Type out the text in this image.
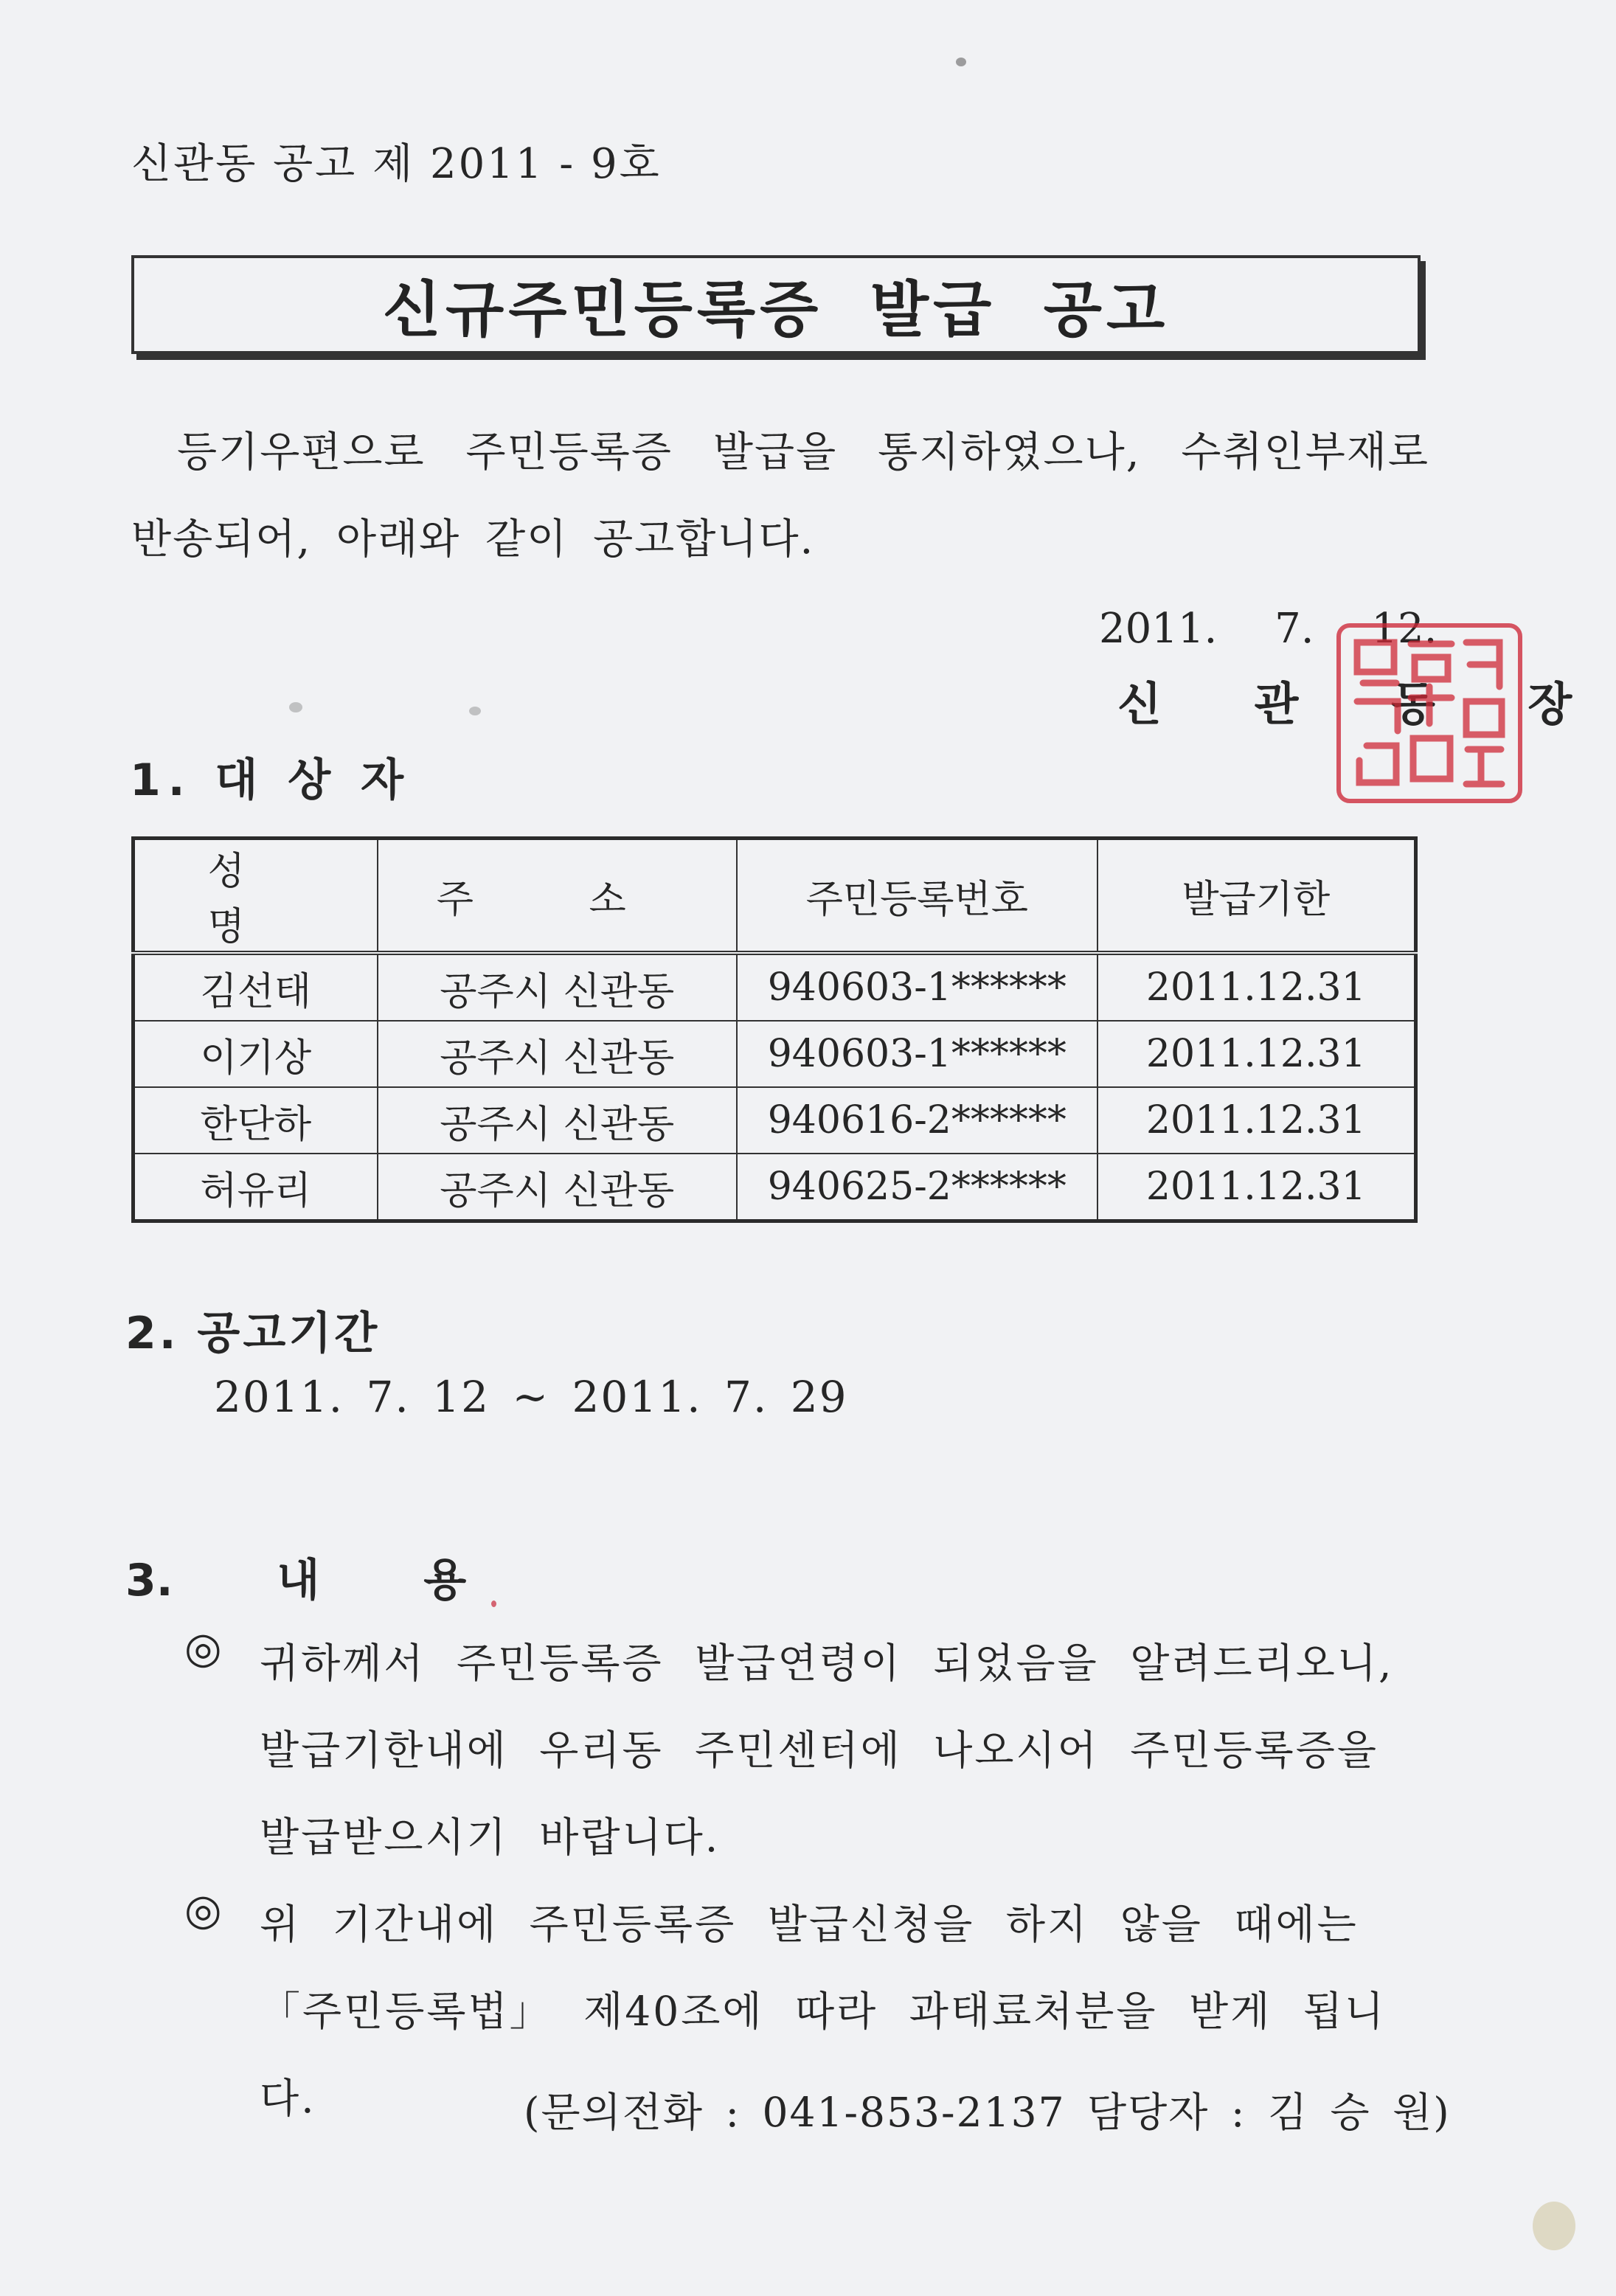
신관동 공고 제 2011 - 9호
신규주민등록증 발급 공고
등기우편으로 주민등록증 발급을 통지하였으나, 수취인부재로 반송되어, 아래와 같이 공고합니다.
2011. 7. 12.
신 관 동 장
1. 대 상 자
성 명	주 소	주민등록번호	발급기한
김선태	공주시 신관동	940603-1******	2011.12.31
이기상	공주시 신관동	940603-1******	2011.12.31
한단하	공주시 신관동	940616-2******	2011.12.31
허유리	공주시 신관동	940625-2******	2011.12.31
2. 공고기간
2011. 7. 12 ~ 2011. 7. 29
3. 내 용
◎ 귀하께서 주민등록증 발급연령이 되었음을 알려드리오니, 발급기한내에 우리동 주민센터에 나오시어 주민등록증을 발급받으시기 바랍니다.
◎ 위 기간내에 주민등록증 발급신청을 하지 않을 때에는 「주민등록법」 제40조에 따라 과태료처분을 받게 됩니다.	(문의전화 : 041-853-2137 담당자 : 김 승 원)
